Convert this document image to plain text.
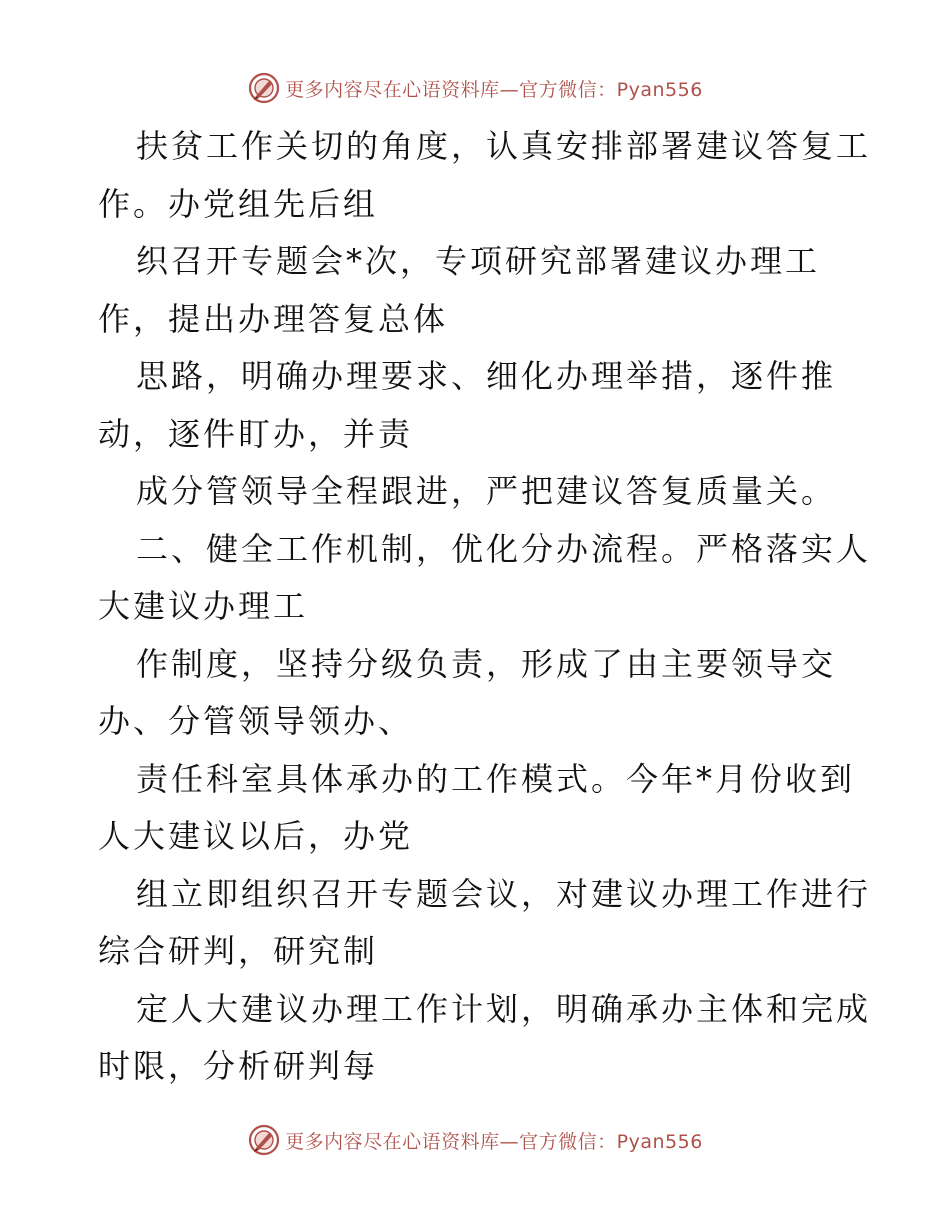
更多内容尽在心语资料库—官方微信：Pyan556
扶贫工作关切的角度，认真安排部署建议答复工
作。办党组先后组
织召开专题会*次，专项研究部署建议办理工
作，提出办理答复总体
思路，明确办理要求、细化办理举措，逐件推
动，逐件盯办，并责
成分管领导全程跟进，严把建议答复质量关。
二、健全工作机制，优化分办流程。严格落实人
大建议办理工
作制度，坚持分级负责，形成了由主要领导交
办、分管领导领办、
责任科室具体承办的工作模式。今年*月份收到
人大建议以后，办党
组立即组织召开专题会议，对建议办理工作进行
综合研判，研究制
定人大建议办理工作计划，明确承办主体和完成
时限，分析研判每
更多内容尽在心语资料库—官方微信：Pyan556
